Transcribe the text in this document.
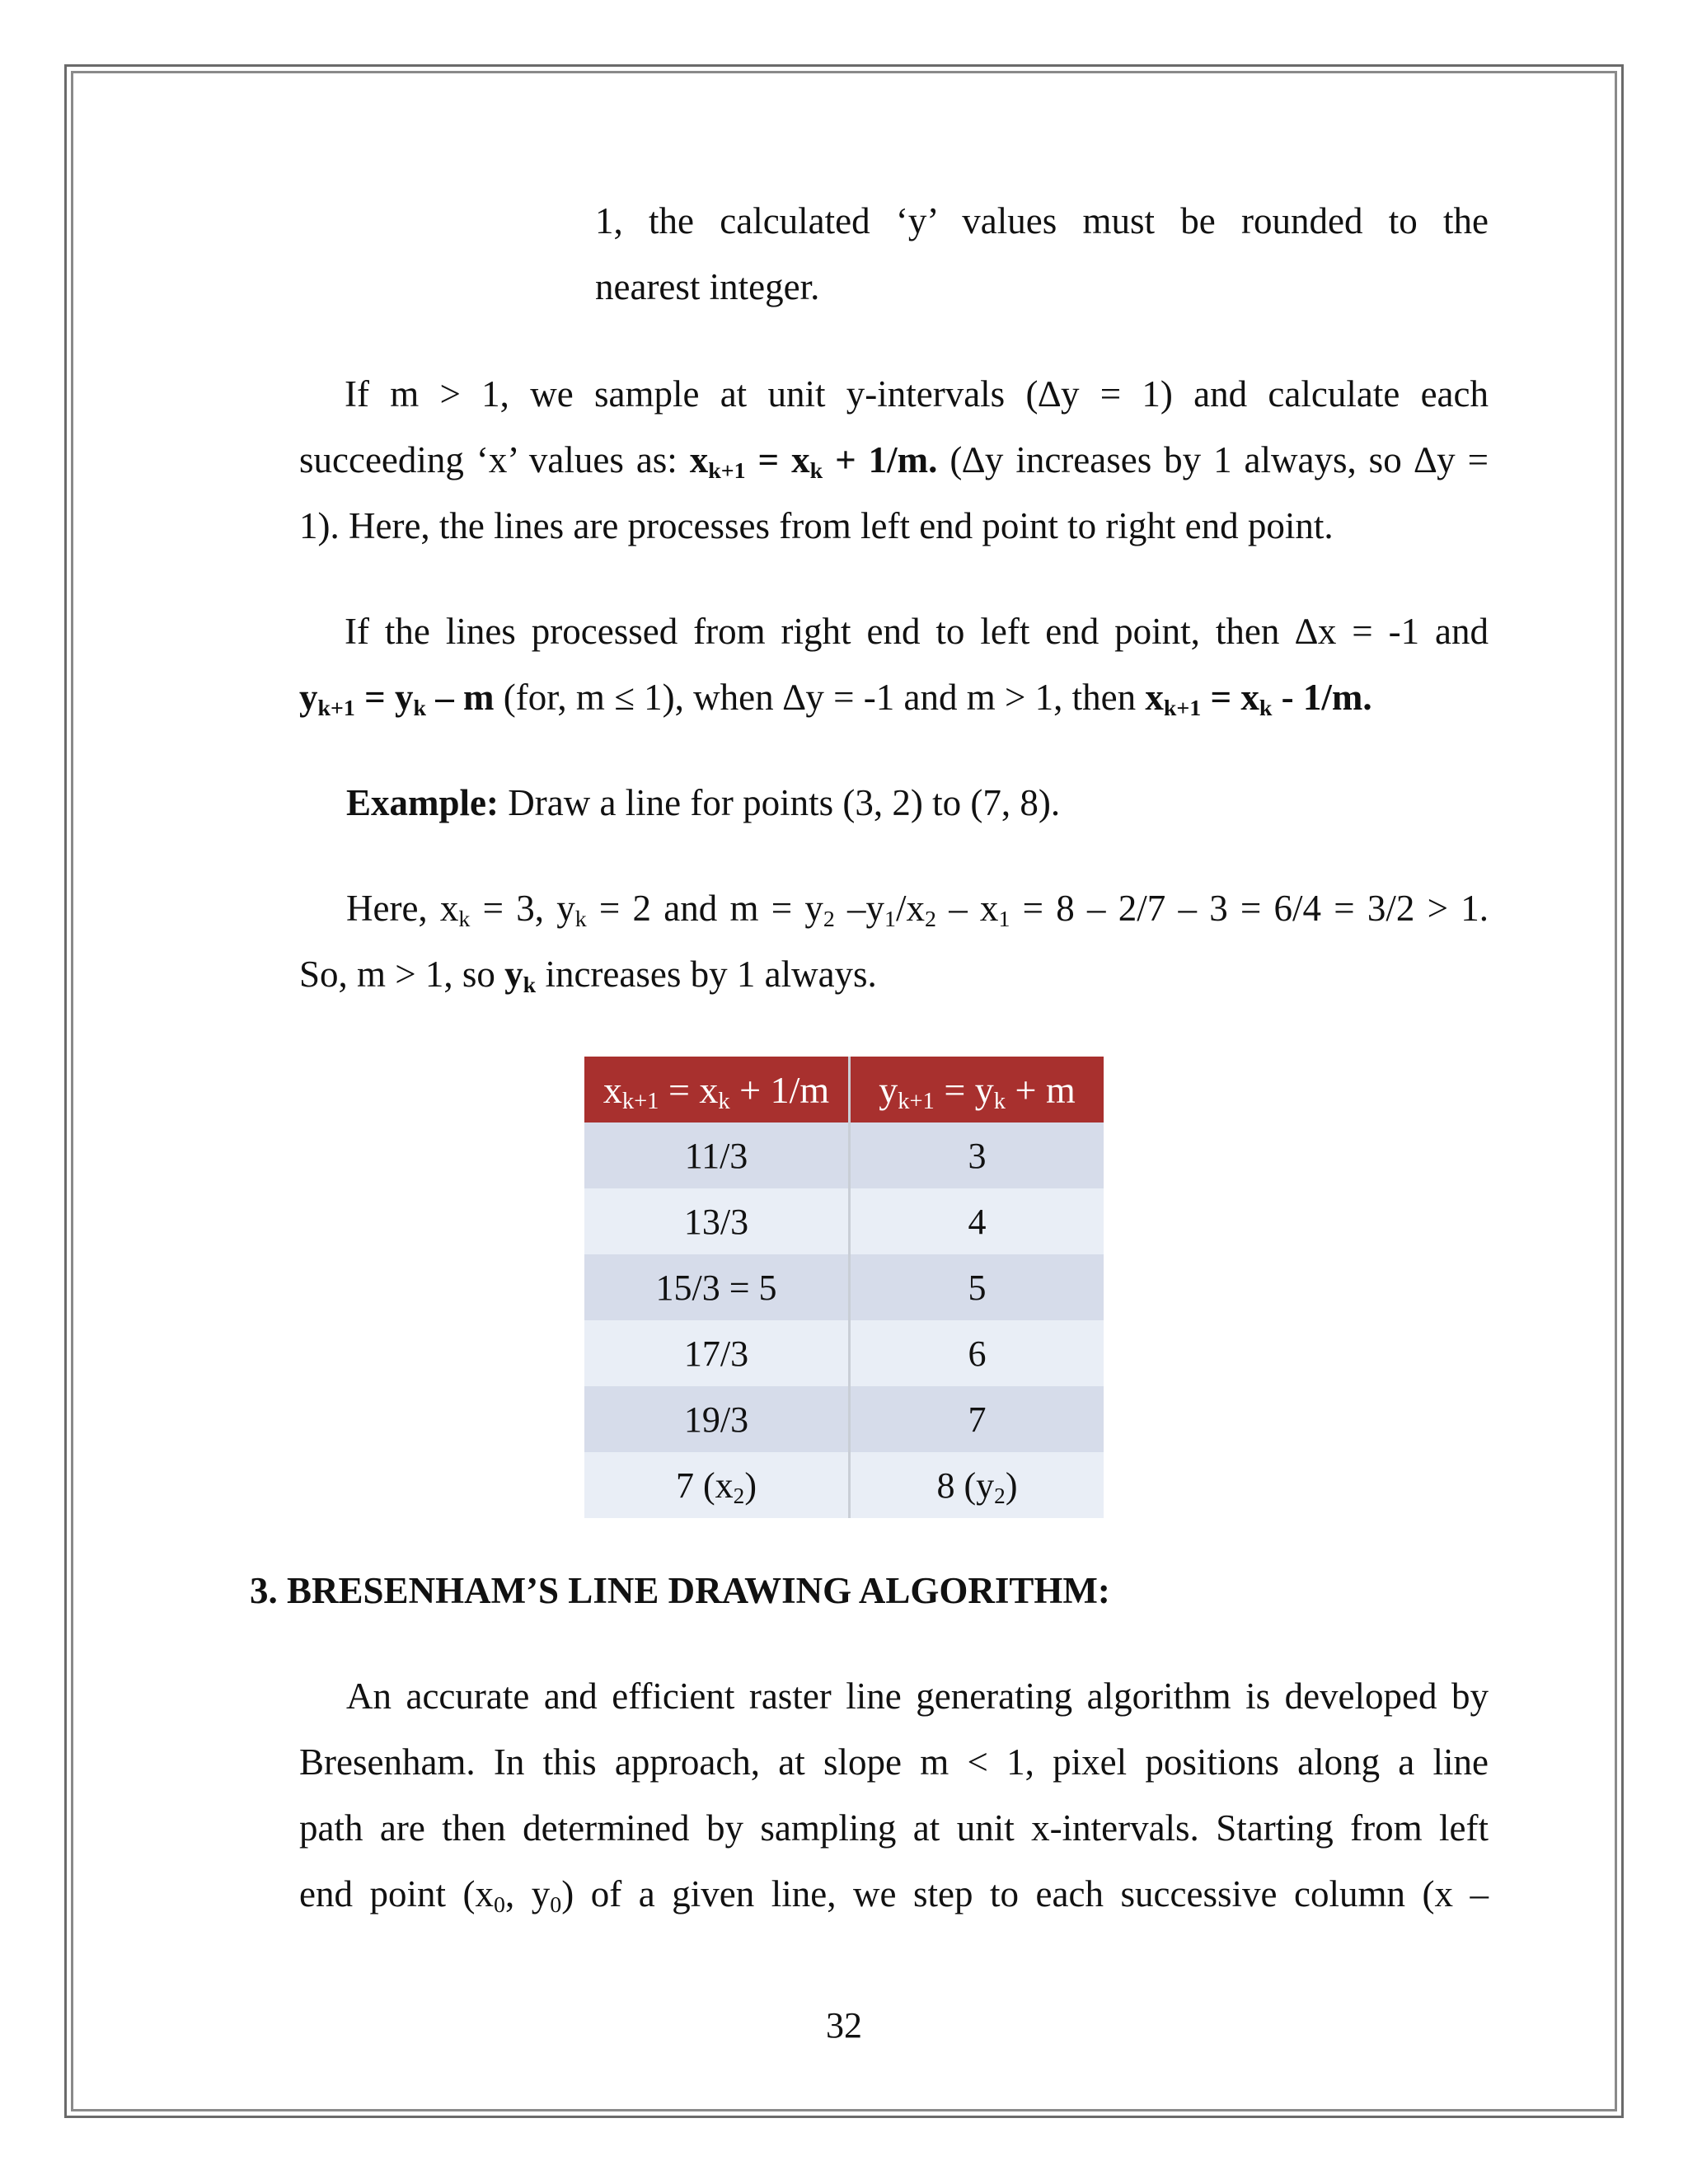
1, the calculated ‘y’ values must be rounded to the

nearest integer.

If m > 1, we sample at unit y-intervals (∆y = 1) and calculate each

succeeding ‘x’ values as: $x_{k+1} = x_k + 1/m$. (∆y increases by 1 always, so ∆y =

1). Here, the lines are processes from left end point to right end point.

If the lines processed from right end to left end point, then ∆x = -1 and

$y_{k+1} = y_k - m$ (for, m ≤ 1), when ∆y = -1 and m > 1, then $x_{k+1} = x_k - 1/m$.

Example: Draw a line for points (3, 2) to (7, 8).

Here, $x_k = 3$, $y_k = 2$ and $m = y_2$ $-y_1/x_2 - x_1 = 8 - 2/7 - 3 = 6/4 = 3/2 > 1$.

So, m > 1, so $y_k$ increases by 1 always.

$x_{k+1} = x_k + 1/m$	$y_{k+1} = y_k + m$
11/3	3
13/3	4
15/3 = 5	5
17/3	6
19/3	7
7 $(x_2)$	8 $(y_2)$
3. BRESENHAM’S LINE DRAWING ALGORITHM:

An accurate and efficient raster line generating algorithm is developed by

Bresenham. In this approach, at slope m < 1, pixel positions along a line

path are then determined by sampling at unit x-intervals. Starting from left

end point ($x_0$, $y_0$) of a given line, we step to each successive column (x –

32
